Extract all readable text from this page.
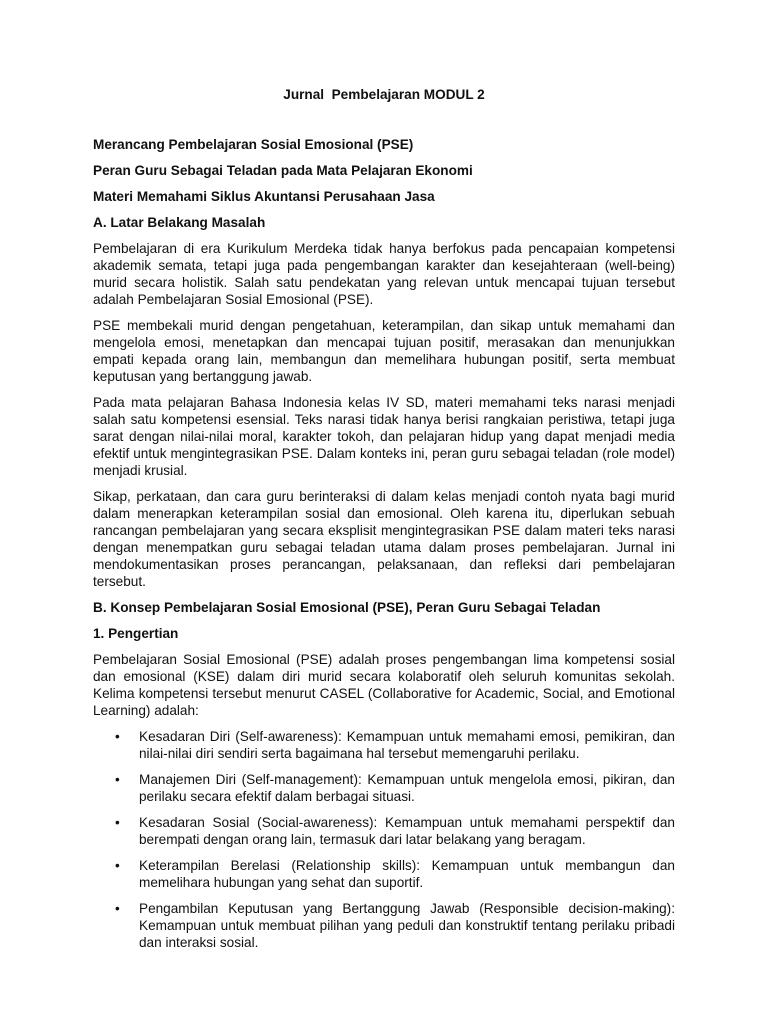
Jurnal  Pembelajaran MODUL 2
Merancang Pembelajaran Sosial Emosional (PSE)
Peran Guru Sebagai Teladan pada Mata Pelajaran Ekonomi
Materi Memahami Siklus Akuntansi Perusahaan Jasa
A. Latar Belakang Masalah

Pembelajaran di era Kurikulum Merdeka tidak hanya berfokus pada pencapaian kompetensi akademik semata, tetapi juga pada pengembangan karakter dan kesejahteraan (well-being) murid secara holistik. Salah satu pendekatan yang relevan untuk mencapai tujuan tersebut adalah Pembelajaran Sosial Emosional (PSE).

PSE membekali murid dengan pengetahuan, keterampilan, dan sikap untuk memahami dan mengelola emosi, menetapkan dan mencapai tujuan positif, merasakan dan menunjukkan empati kepada orang lain, membangun dan memelihara hubungan positif, serta membuat keputusan yang bertanggung jawab.

Pada mata pelajaran Bahasa Indonesia kelas IV SD, materi memahami teks narasi menjadi salah satu kompetensi esensial. Teks narasi tidak hanya berisi rangkaian peristiwa, tetapi juga sarat dengan nilai-nilai moral, karakter tokoh, dan pelajaran hidup yang dapat menjadi media efektif untuk mengintegrasikan PSE. Dalam konteks ini, peran guru sebagai teladan (role model) menjadi krusial.

Sikap, perkataan, dan cara guru berinteraksi di dalam kelas menjadi contoh nyata bagi murid dalam menerapkan keterampilan sosial dan emosional. Oleh karena itu, diperlukan sebuah rancangan pembelajaran yang secara eksplisit mengintegrasikan PSE dalam materi teks narasi dengan menempatkan guru sebagai teladan utama dalam proses pembelajaran. Jurnal ini mendokumentasikan proses perancangan, pelaksanaan, dan refleksi dari pembelajaran tersebut.

B. Konsep Pembelajaran Sosial Emosional (PSE), Peran Guru Sebagai Teladan
1. Pengertian

Pembelajaran Sosial Emosional (PSE) adalah proses pengembangan lima kompetensi sosial dan emosional (KSE) dalam diri murid secara kolaboratif oleh seluruh komunitas sekolah. Kelima kompetensi tersebut menurut CASEL (Collaborative for Academic, Social, and Emotional Learning) adalah:

• Kesadaran Diri (Self-awareness): Kemampuan untuk memahami emosi, pemikiran, dan nilai-nilai diri sendiri serta bagaimana hal tersebut memengaruhi perilaku.
• Manajemen Diri (Self-management): Kemampuan untuk mengelola emosi, pikiran, dan perilaku secara efektif dalam berbagai situasi.
• Kesadaran Sosial (Social-awareness): Kemampuan untuk memahami perspektif dan berempati dengan orang lain, termasuk dari latar belakang yang beragam.
• Keterampilan Berelasi (Relationship skills): Kemampuan untuk membangun dan memelihara hubungan yang sehat dan suportif.
• Pengambilan Keputusan yang Bertanggung Jawab (Responsible decision-making): Kemampuan untuk membuat pilihan yang peduli dan konstruktif tentang perilaku pribadi dan interaksi sosial.
